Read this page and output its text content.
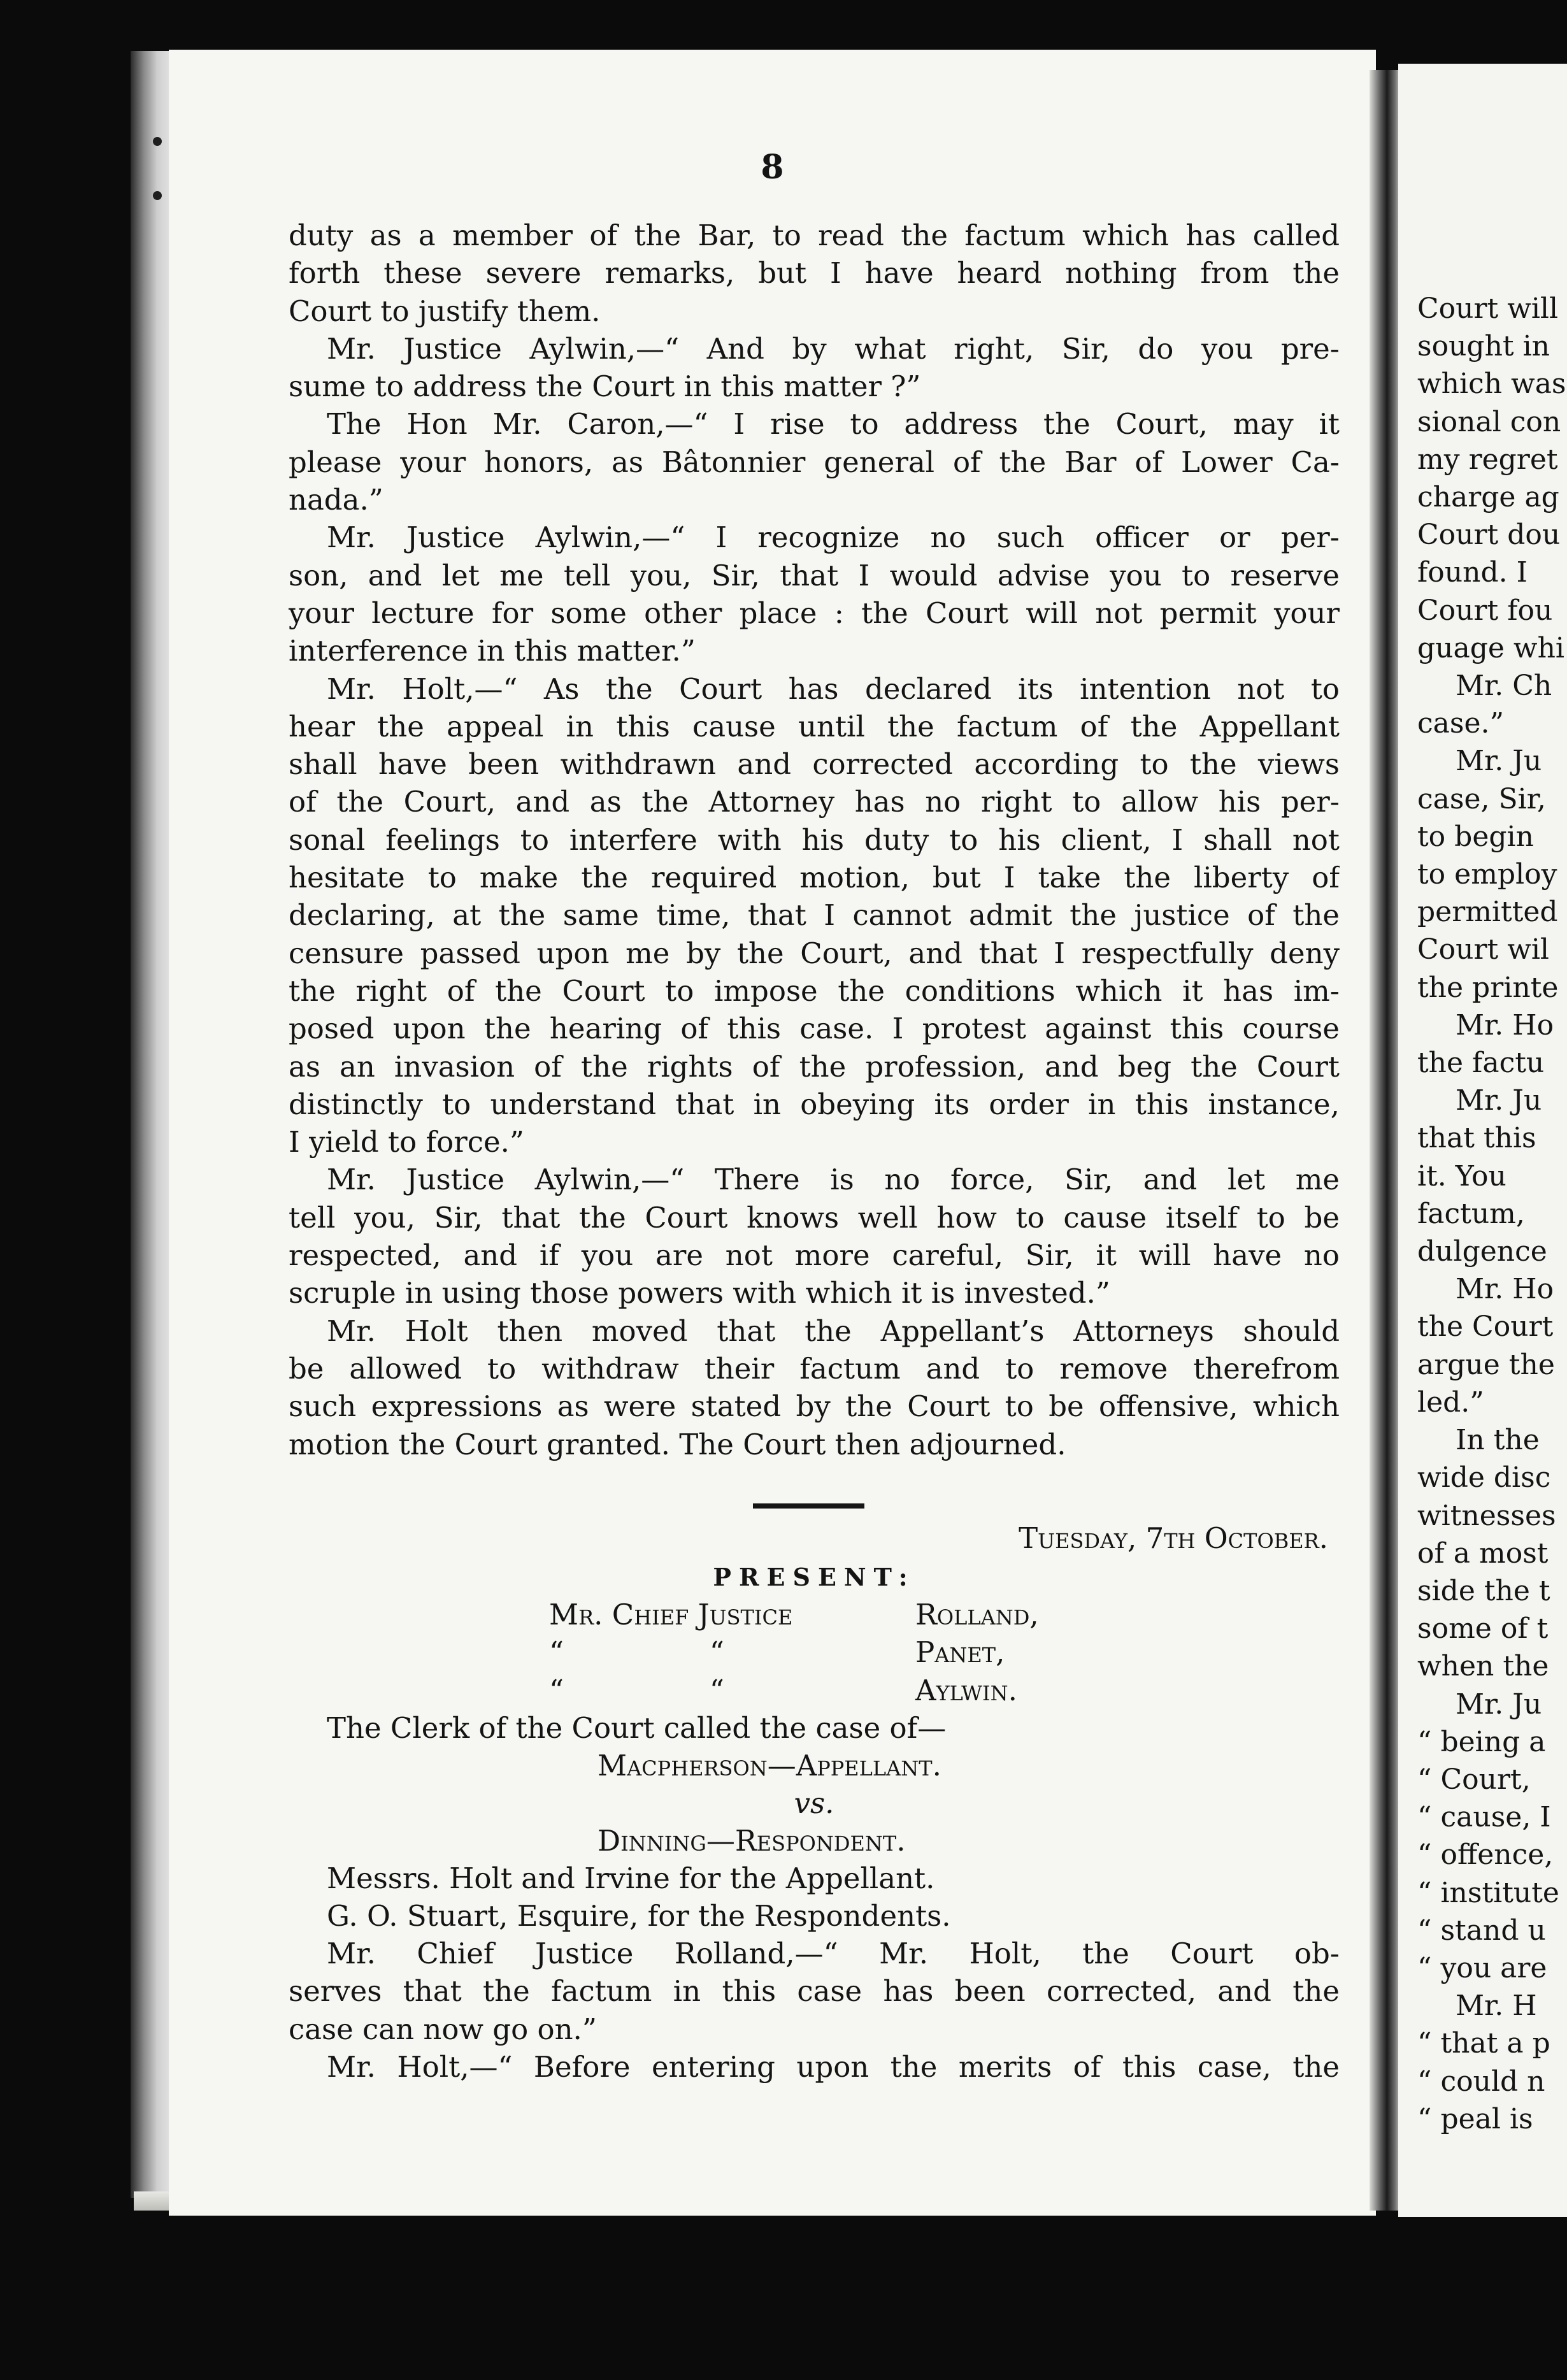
8
duty as a member of the Bar, to read the factum which has called
forth these severe remarks, but I have heard nothing from the
Court to justify them.
Mr. Justice Aylwin,—“ And by what right, Sir, do you pre-
sume to address the Court in this matter ?”
The Hon Mr. Caron,—“ I rise to address the Court, may it
please your honors, as Bâtonnier general of the Bar of Lower Ca-
nada.”
Mr. Justice Aylwin,—“ I recognize no such officer or per-
son, and let me tell you, Sir, that I would advise you to reserve
your lecture for some other place : the Court will not permit your
interference in this matter.”
Mr. Holt,—“ As the Court has declared its intention not to
hear the appeal in this cause until the factum of the Appellant
shall have been withdrawn and corrected according to the views
of the Court, and as the Attorney has no right to allow his per-
sonal feelings to interfere with his duty to his client, I shall not
hesitate to make the required motion, but I take the liberty of
declaring, at the same time, that I cannot admit the justice of the
censure passed upon me by the Court, and that I respectfully deny
the right of the Court to impose the conditions which it has im-
posed upon the hearing of this case. I protest against this course
as an invasion of the rights of the profession, and beg the Court
distinctly to understand that in obeying its order in this instance,
I yield to force.”
Mr. Justice Aylwin,—“ There is no force, Sir, and let me
tell you, Sir, that the Court knows well how to cause itself to be
respected, and if you are not more careful, Sir, it will have no
scruple in using those powers with which it is invested.”
Mr. Holt then moved that the Appellant’s Attorneys should
be allowed to withdraw their factum and to remove therefrom
such expressions as were stated by the Court to be offensive, which
motion the Court granted. The Court then adjourned.
Tuesday, 7th October.
PRESENT:
Mr. Chief Justice	Rolland,
“                “	Panet,
“                “	Aylwin.
The Clerk of the Court called the case of—
Macpherson—Appellant.
vs.
Dinning—Respondent.
Messrs. Holt and Irvine for the Appellant.
G. O. Stuart, Esquire, for the Respondents.
Mr. Chief Justice Rolland,—“ Mr. Holt, the Court ob-
serves that the factum in this case has been corrected, and the
case can now go on.”
Mr. Holt,—“ Before entering upon the merits of this case, the
Court will
sought in
which was
sional con
my regret
charge ag
Court dou
found. I
Court fou
guage whi
Mr. Ch
case.”
Mr. Ju
case, Sir,
to begin
to employ
permitted
Court wil
the printe
Mr. Ho
the factu
Mr. Ju
that this
it. You
factum,
dulgence
Mr. Ho
the Court
argue the
led.”
In the
wide disc
witnesses
of a most
side the t
some of t
when the
Mr. Ju
“ being a
“ Court,
“ cause, I
“ offence,
“ institute
“ stand u
“ you are
Mr. H
“ that a p
“ could n
“ peal is
